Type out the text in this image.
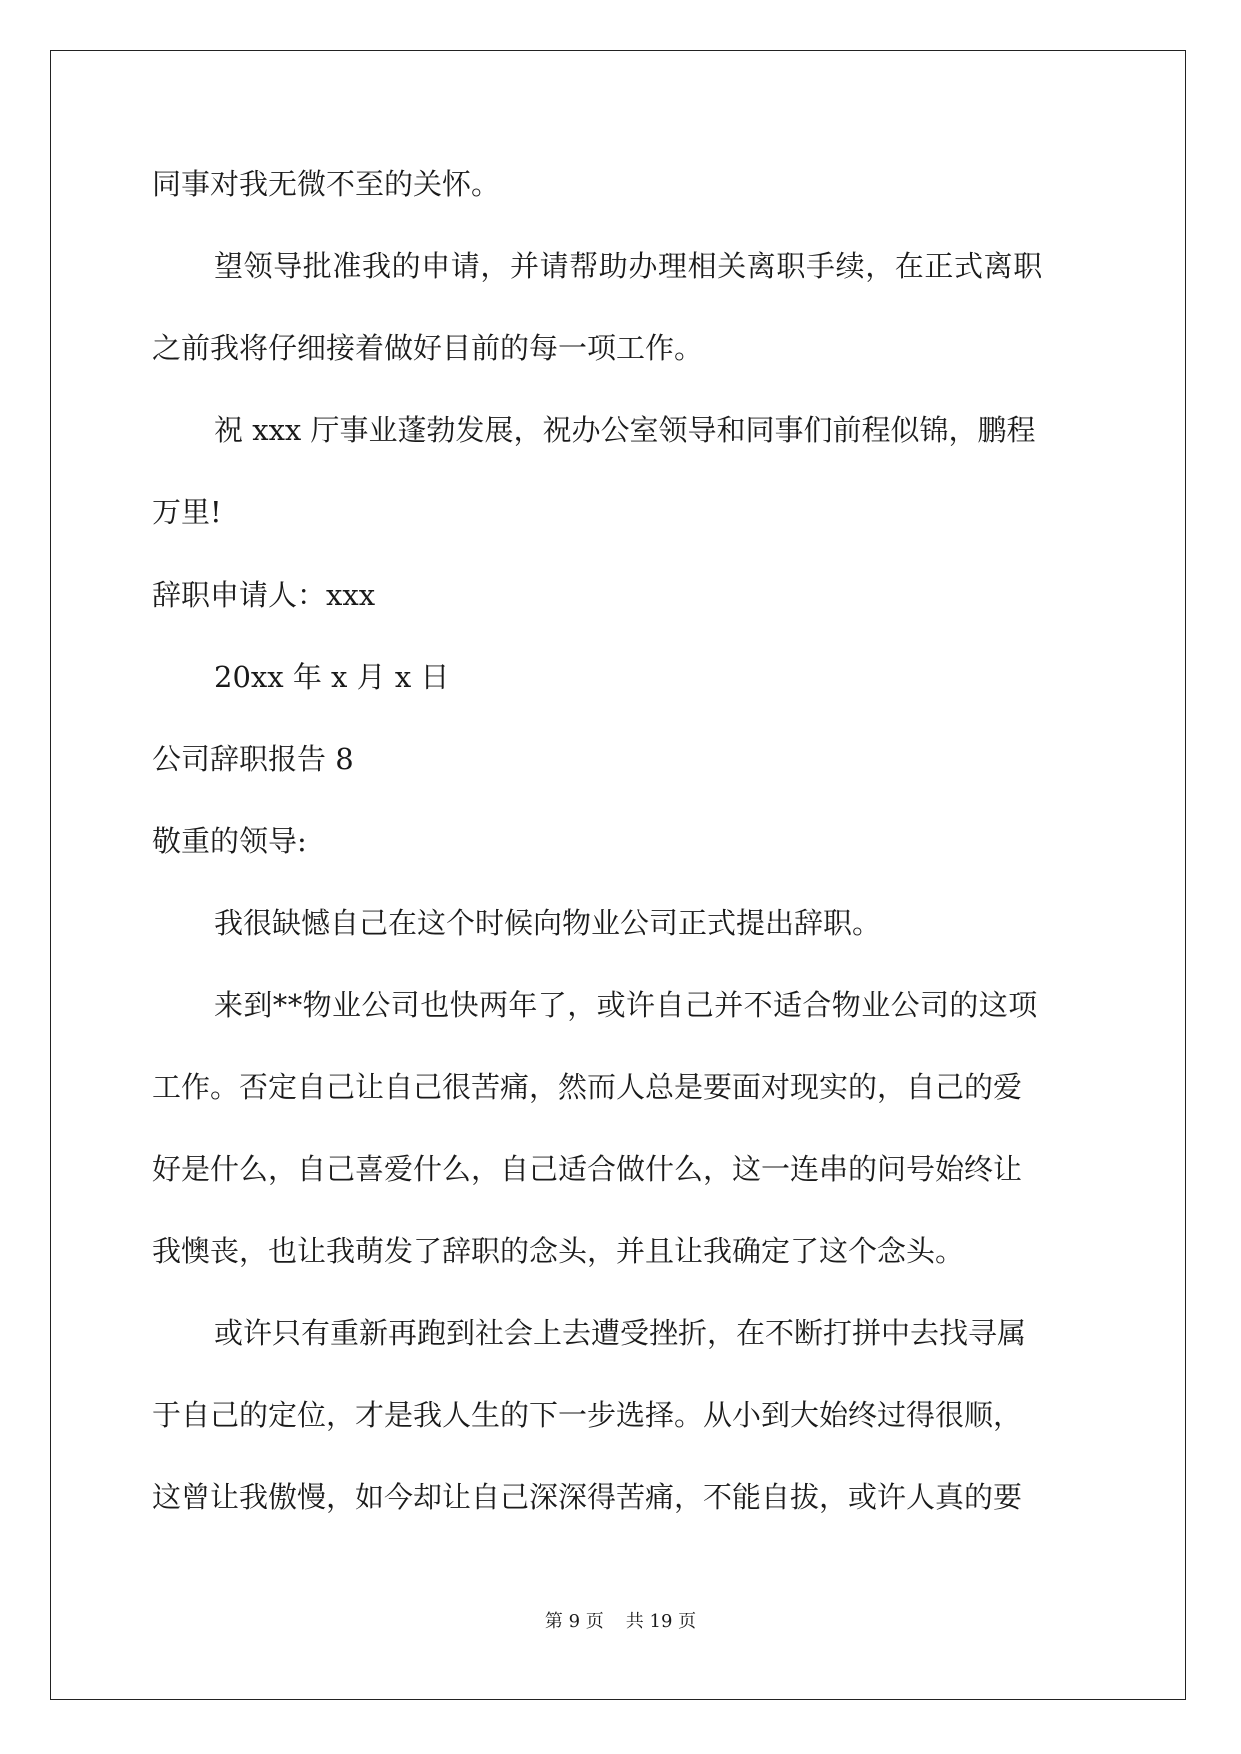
同事对我无微不至的关怀。
望领导批准我的申请，并请帮助办理相关离职手续，在正式离职
之前我将仔细接着做好目前的每一项工作。
祝 xxx 厅事业蓬勃发展，祝办公室领导和同事们前程似锦，鹏程
万里!
辞职申请人：xxx
20xx 年 x 月 x 日
公司辞职报告 8
敬重的领导:
我很缺憾自己在这个时候向物业公司正式提出辞职。
来到**物业公司也快两年了，或许自己并不适合物业公司的这项
工作。否定自己让自己很苦痛，然而人总是要面对现实的，自己的爱
好是什么，自己喜爱什么，自己适合做什么，这一连串的问号始终让
我懊丧，也让我萌发了辞职的念头，并且让我确定了这个念头。
或许只有重新再跑到社会上去遭受挫折，在不断打拼中去找寻属
于自己的定位，才是我人生的下一步选择。从小到大始终过得很顺，
这曾让我傲慢，如今却让自己深深得苦痛，不能自拔，或许人真的要
第 9 页 共 19 页
